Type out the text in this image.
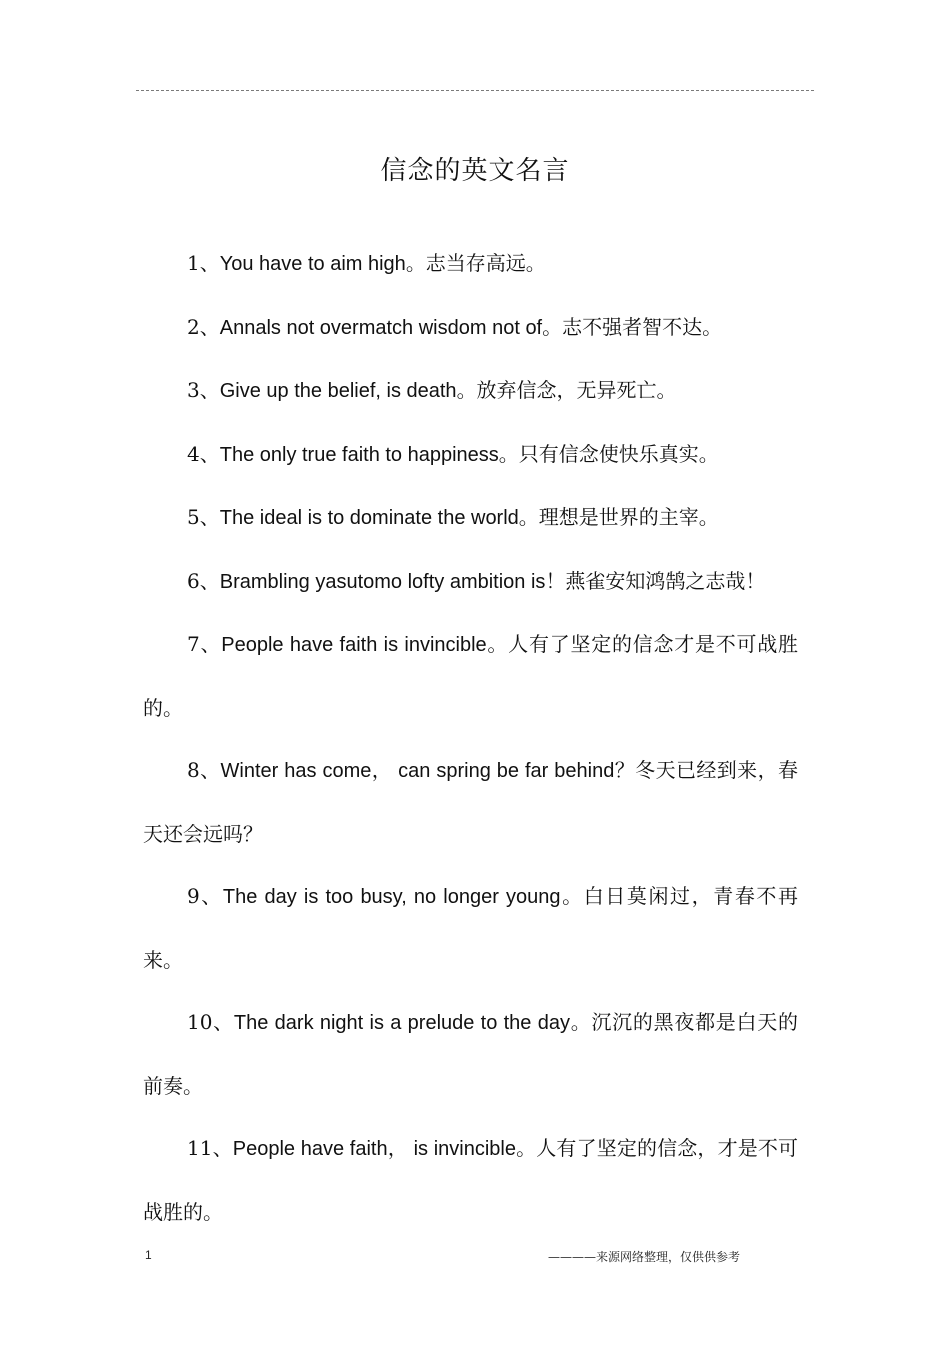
信念的英文名言

1、You have to aim high。志当存高远。

2、Annals not overmatch wisdom not of。志不强者智不达。

3、Give up the belief, is death。放弃信念，无异死亡。

4、The only true faith to happiness。只有信念使快乐真实。

5、The ideal is to dominate the world。理想是世界的主宰。

6、Brambling yasutomo lofty ambition is！燕雀安知鸿鹄之志哉！

7、People have faith is invincible。人有了坚定的信念才是不可战胜的。

8、Winter has come， can spring be far behind？冬天已经到来，春天还会远吗？

9、The day is too busy, no longer young。白日莫闲过，青春不再来。

10、The dark night is a prelude to the day。沉沉的黑夜都是白天的前奏。

11、People have faith， is invincible。人有了坚定的信念，才是不可战胜的。

1	————来源网络整理，仅供供参考
